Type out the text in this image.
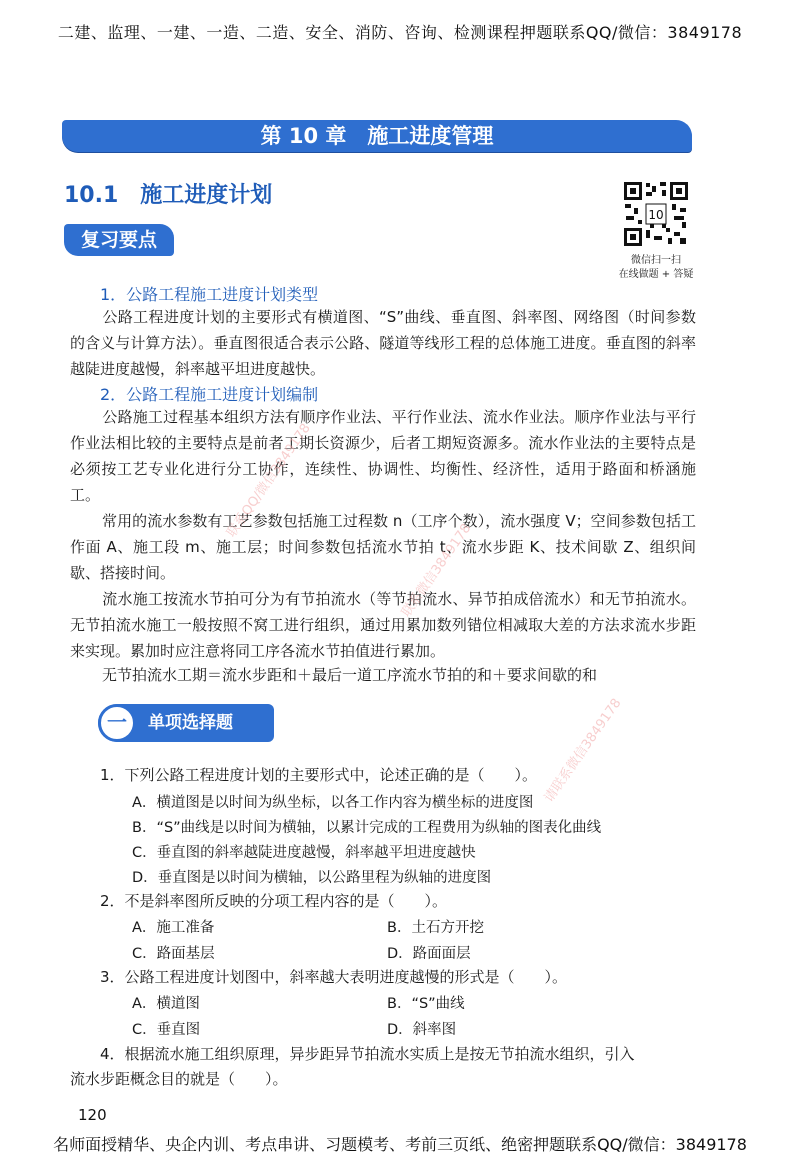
二建、监理、一建、一造、二造、安全、消防、咨询、检测课程押题联系QQ/微信：3849178
第 10 章　施工进度管理
10.1　施工进度计划
复习要点
10
微信扫一扫
在线做题 + 答疑
1．公路工程施工进度计划类型
公路工程进度计划的主要形式有横道图、“S”曲线、垂直图、斜率图、网络图（时间参数的含义与计算方法）。垂直图很适合表示公路、隧道等线形工程的总体施工进度。垂直图的斜率越陡进度越慢，斜率越平坦进度越快。
2．公路工程施工进度计划编制
公路施工过程基本组织方法有顺序作业法、平行作业法、流水作业法。顺序作业法与平行作业法相比较的主要特点是前者工期长资源少，后者工期短资源多。流水作业法的主要特点是必须按工艺专业化进行分工协作，连续性、协调性、均衡性、经济性，适用于路面和桥涵施工。
常用的流水参数有工艺参数包括施工过程数 n（工序个数），流水强度 V；空间参数包括工作面 A、施工段 m、施工层；时间参数包括流水节拍 t、流水步距 K、技术间歇 Z、组织间歇、搭接时间。
流水施工按流水节拍可分为有节拍流水（等节拍流水、异节拍成倍流水）和无节拍流水。无节拍流水施工一般按照不窝工进行组织，通过用累加数列错位相减取大差的方法求流水步距来实现。累加时应注意将同工序各流水节拍值进行累加。
无节拍流水工期＝流水步距和＋最后一道工序流水节拍的和＋要求间歇的和
一	单项选择题
1．下列公路工程进度计划的主要形式中，论述正确的是（　　）。
A．横道图是以时间为纵坐标，以各工作内容为横坐标的进度图
B．“S”曲线是以时间为横轴，以累计完成的工程费用为纵轴的图表化曲线
C．垂直图的斜率越陡进度越慢，斜率越平坦进度越快
D．垂直图是以时间为横轴，以公路里程为纵轴的进度图
2．不是斜率图所反映的分项工程内容的是（　　）。
A．施工准备	B．土石方开挖
C．路面基层	D．路面面层
3．公路工程进度计划图中，斜率越大表明进度越慢的形式是（　　）。
A．横道图	B．“S”曲线
C．垂直图	D．斜率图
4．根据流水施工组织原理，异步距异节拍流水实质上是按无节拍流水组织，引入
流水步距概念目的就是（　　）。
联系QQ/微信3849178
请联系微信3849178
联系微信3849178
120
名师面授精华、央企内训、考点串讲、习题模考、考前三页纸、绝密押题联系QQ/微信：3849178
